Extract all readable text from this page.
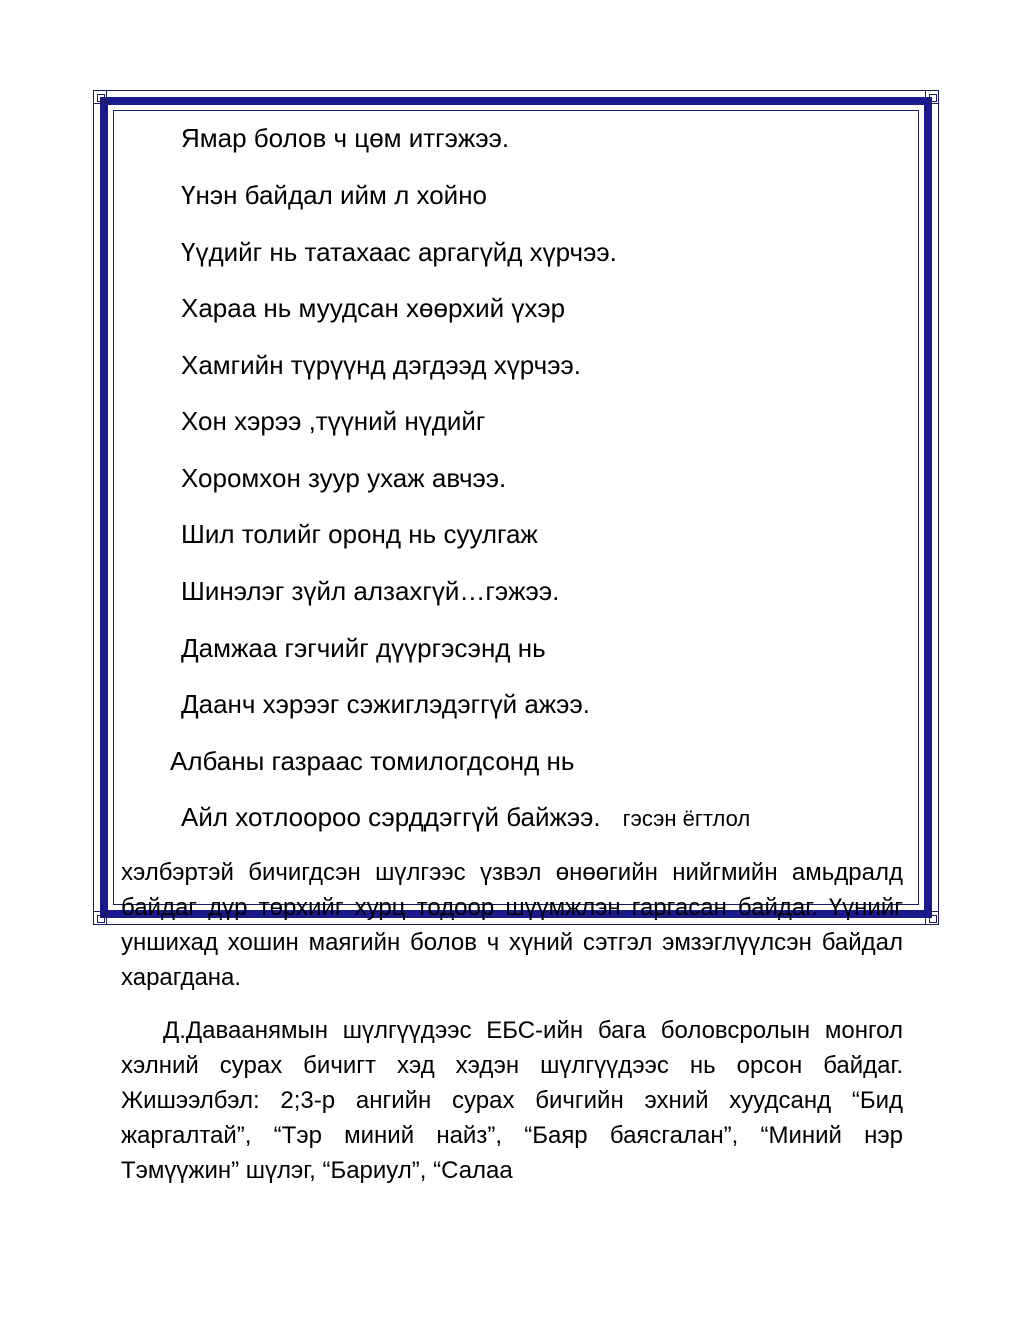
Ямар болов ч цөм итгэжээ.
Үнэн байдал ийм л хойно
Үүдийг нь татахаас аргагүйд хүрчээ.
Хараа нь муудсан хөөрхий үхэр
Хамгийн түрүүнд дэгдээд хүрчээ.
Хон хэрээ ,түүний нүдийг
Хоромхон зуур ухаж авчээ.
Шил толийг оронд нь суулгаж
Шинэлэг зүйл алзахгүй…гэжээ.
Дамжаа гэгчийг дүүргэсэнд нь
Даанч хэрээг сэжиглэдэггүй ажээ.
Албаны газраас томилогдсонд нь
Айл хотлоороо сэрддэггүй байжээ. гэсэн ёгтлол

хэлбэртэй бичигдсэн шүлгээс үзвэл өнөөгийн нийгмийн амьдралд байдаг дүр төрхийг хурц тодоор шүүмжлэн гаргасан байдаг. Үүнийг уншихад хошин маягийн болов ч хүний сэтгэл эмзэглүүлсэн байдал харагдана.

Д.Даваанямын шүлгүүдээс ЕБС-ийн бага боловсролын монгол хэлний сурах бичигт хэд хэдэн шүлгүүдээс нь орсон байдаг. Жишээлбэл: 2;3-р ангийн сурах бичгийн эхний хуудсанд “Бид жаргалтай”, “Тэр миний найз”, “Баяр баясгалан”, “Миний нэр Тэмүүжин” шүлэг, “Бариул”, “Салаа
